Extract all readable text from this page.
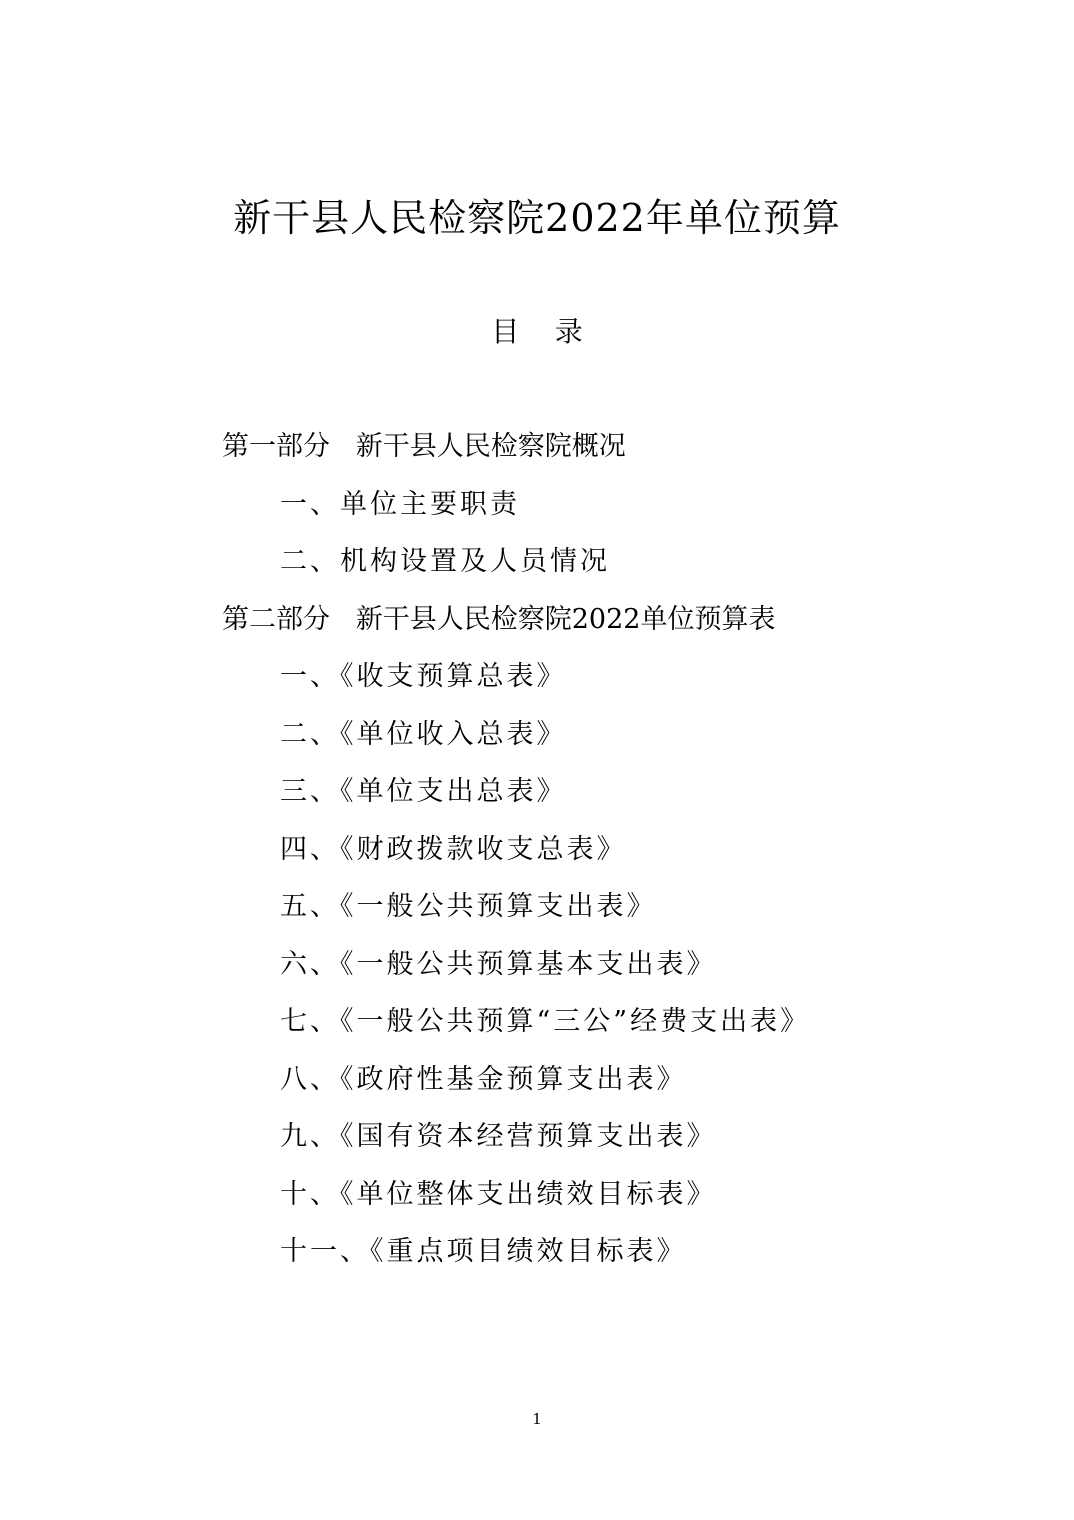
新干县人民检察院2022年单位预算
目    录
第一部分   新干县人民检察院概况
一、单位主要职责
二、机构设置及人员情况
第二部分   新干县人民检察院2022单位预算表
一、《收支预算总表》
二、《单位收入总表》
三、《单位支出总表》
四、《财政拨款收支总表》
五、《一般公共预算支出表》
六、《一般公共预算基本支出表》
七、《一般公共预算“三公”经费支出表》
八、《政府性基金预算支出表》
九、《国有资本经营预算支出表》
十、《单位整体支出绩效目标表》
十一、《重点项目绩效目标表》
1
